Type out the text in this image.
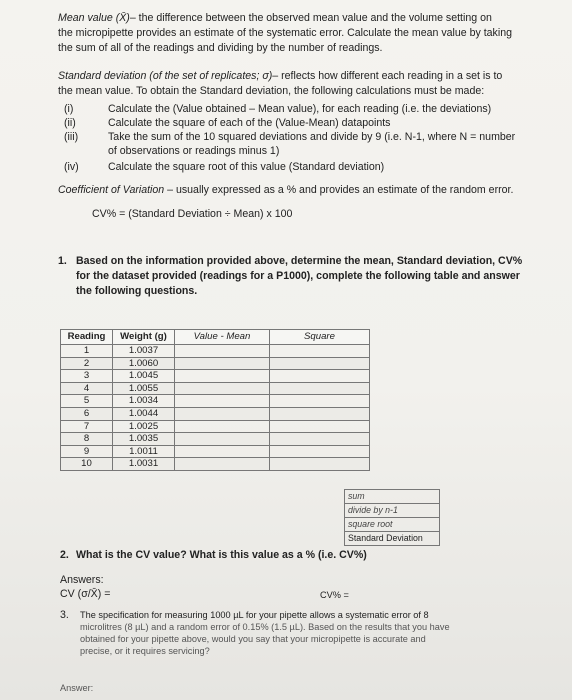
Mean value (X̄)– the difference between the observed mean value and the volume setting on
the micropipette provides an estimate of the systematic error. Calculate the mean value by taking
the sum of all of the readings and dividing by the number of readings.
Standard deviation (of the set of replicates; σ)– reflects how different each reading in a set is to
the mean value. To obtain the Standard deviation, the following calculations must be made:
(i)	Calculate the (Value obtained – Mean value), for each reading (i.e. the deviations)
(ii)	Calculate the square of each of the (Value-Mean) datapoints
(iii)	Take the sum of the 10 squared deviations and divide by 9 (i.e. N-1, where N = number
of observations or readings minus 1)
(iv)	Calculate the square root of this value (Standard deviation)
Coefficient of Variation – usually expressed as a % and provides an estimate of the random error.
CV% = (Standard Deviation ÷ Mean) x 100
1. Based on the information provided above, determine the mean, Standard deviation, CV%
for the dataset provided (readings for a P1000), complete the following table and answer
the following questions.
Reading	Weight (g)	Value - Mean	Square
1	1.0037		
2	1.0060		
3	1.0045		
4	1.0055		
5	1.0034		
6	1.0044		
7	1.0025		
8	1.0035		
9	1.0011		
10	1.0031		
sum
divide by n-1
square root
Standard Deviation
2. What is the CV value? What is this value as a % (i.e. CV%)
Answers:
CV (σ/X̄) =	CV% =
3. The specification for measuring 1000 µL for your pipette allows a systematic error of 8
microlitres (8 µL) and a random error of 0.15% (1.5 µL). Based on the results that you have
obtained for your pipette above, would you say that your micropipette is accurate and
precise, or it requires servicing?
Answer:
